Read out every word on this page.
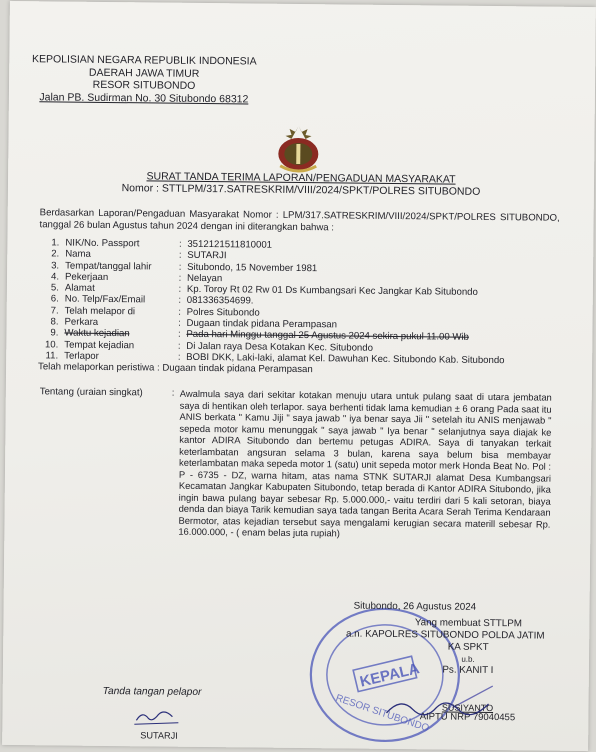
KEPOLISIAN NEGARA REPUBLIK INDONESIA
DAERAH JAWA TIMUR
RESOR SITUBONDO
Jalan PB. Sudirman No. 30 Situbondo 68312
SURAT TANDA TERIMA LAPORAN/PENGADUAN MASYARAKAT
Nomor : STTLPM/317.SATRESKRIM/VIII/2024/SPKT/POLRES SITUBONDO
Berdasarkan Laporan/Pengaduan Masyarakat Nomor : LPM/317.SATRESKRIM/VIII/2024/SPKT/POLRES SITUBONDO, tanggal 26 bulan Agustus tahun 2024 dengan ini diterangkan bahwa :
1.	NIK/No. Passport	:	3512121511810001
2.	Nama	:	SUTARJI
3.	Tempat/tanggal lahir	:	Situbondo, 15 November 1981
4.	Pekerjaan	:	Nelayan
5.	Alamat	:	Kp. Toroy Rt 02 Rw 01 Ds Kumbangsari Kec Jangkar Kab Situbondo
6.	No. Telp/Fax/Email	:	081336354699.
7.	Telah melapor di	:	Polres Situbondo
8.	Perkara	:	Dugaan tindak pidana Perampasan
9.	Waktu kejadian	:	Pada hari Minggu tanggal 25 Agustus 2024 sekira pukul 11.00 Wib
10.	Tempat kejadian	:	Di Jalan raya Desa Kotakan Kec. Situbondo
11.	Terlapor	:	BOBI DKK, Laki-laki, alamat Kel. Dawuhan Kec. Situbondo Kab. Situbondo
Telah melaporkan peristiwa : Dugaan tindak pidana Perampasan
Tentang (uraian singkat)	: Awalmula saya dari sekitar kotakan menuju utara untuk pulang saat di utara jembatan saya di hentikan oleh terlapor. saya berhenti tidak lama kemudian ± 6 orang Pada saat itu ANIS berkata " Kamu Jiji " saya jawab " iya benar saya Jii " setelah itu ANIS menjawab " sepeda motor kamu menunggak " saya jawab " Iya benar " selanjutnya saya diajak ke kantor ADIRA Situbondo dan bertemu petugas ADIRA. Saya di tanyakan terkait keterlambatan angsuran selama 3 bulan, karena saya belum bisa membayar keterlambatan maka sepeda motor 1 (satu) unit sepeda motor merk Honda Beat No. Pol : P - 6735 - DZ, warna hitam, atas nama STNK SUTARJI alamat Desa Kumbangsari Kecamatan Jangkar Kabupaten Situbondo, tetap berada di Kantor ADIRA Situbondo, jika ingin bawa pulang bayar sebesar Rp. 5.000.000,- vaitu terdiri dari 5 kali setoran, biaya denda dan biaya Tarik kemudian saya tada tangan Berita Acara Serah Terima Kendaraan Bermotor, atas kejadian tersebut saya mengalami kerugian secara materill sebesar Rp. 16.000.000, - ( enam belas juta rupiah)
KEPALA
RESOR SITUBONDO
Situbondo, 26 Agustus 2024
Yang membuat STTLPM
a.n. KAPOLRES SITUBONDO POLDA JATIM
KA SPKT
u.b.
Ps. KANIT I
SUSIYANTO
AIPTU NRP 79040455
Tanda tangan pelapor
SUTARJI
